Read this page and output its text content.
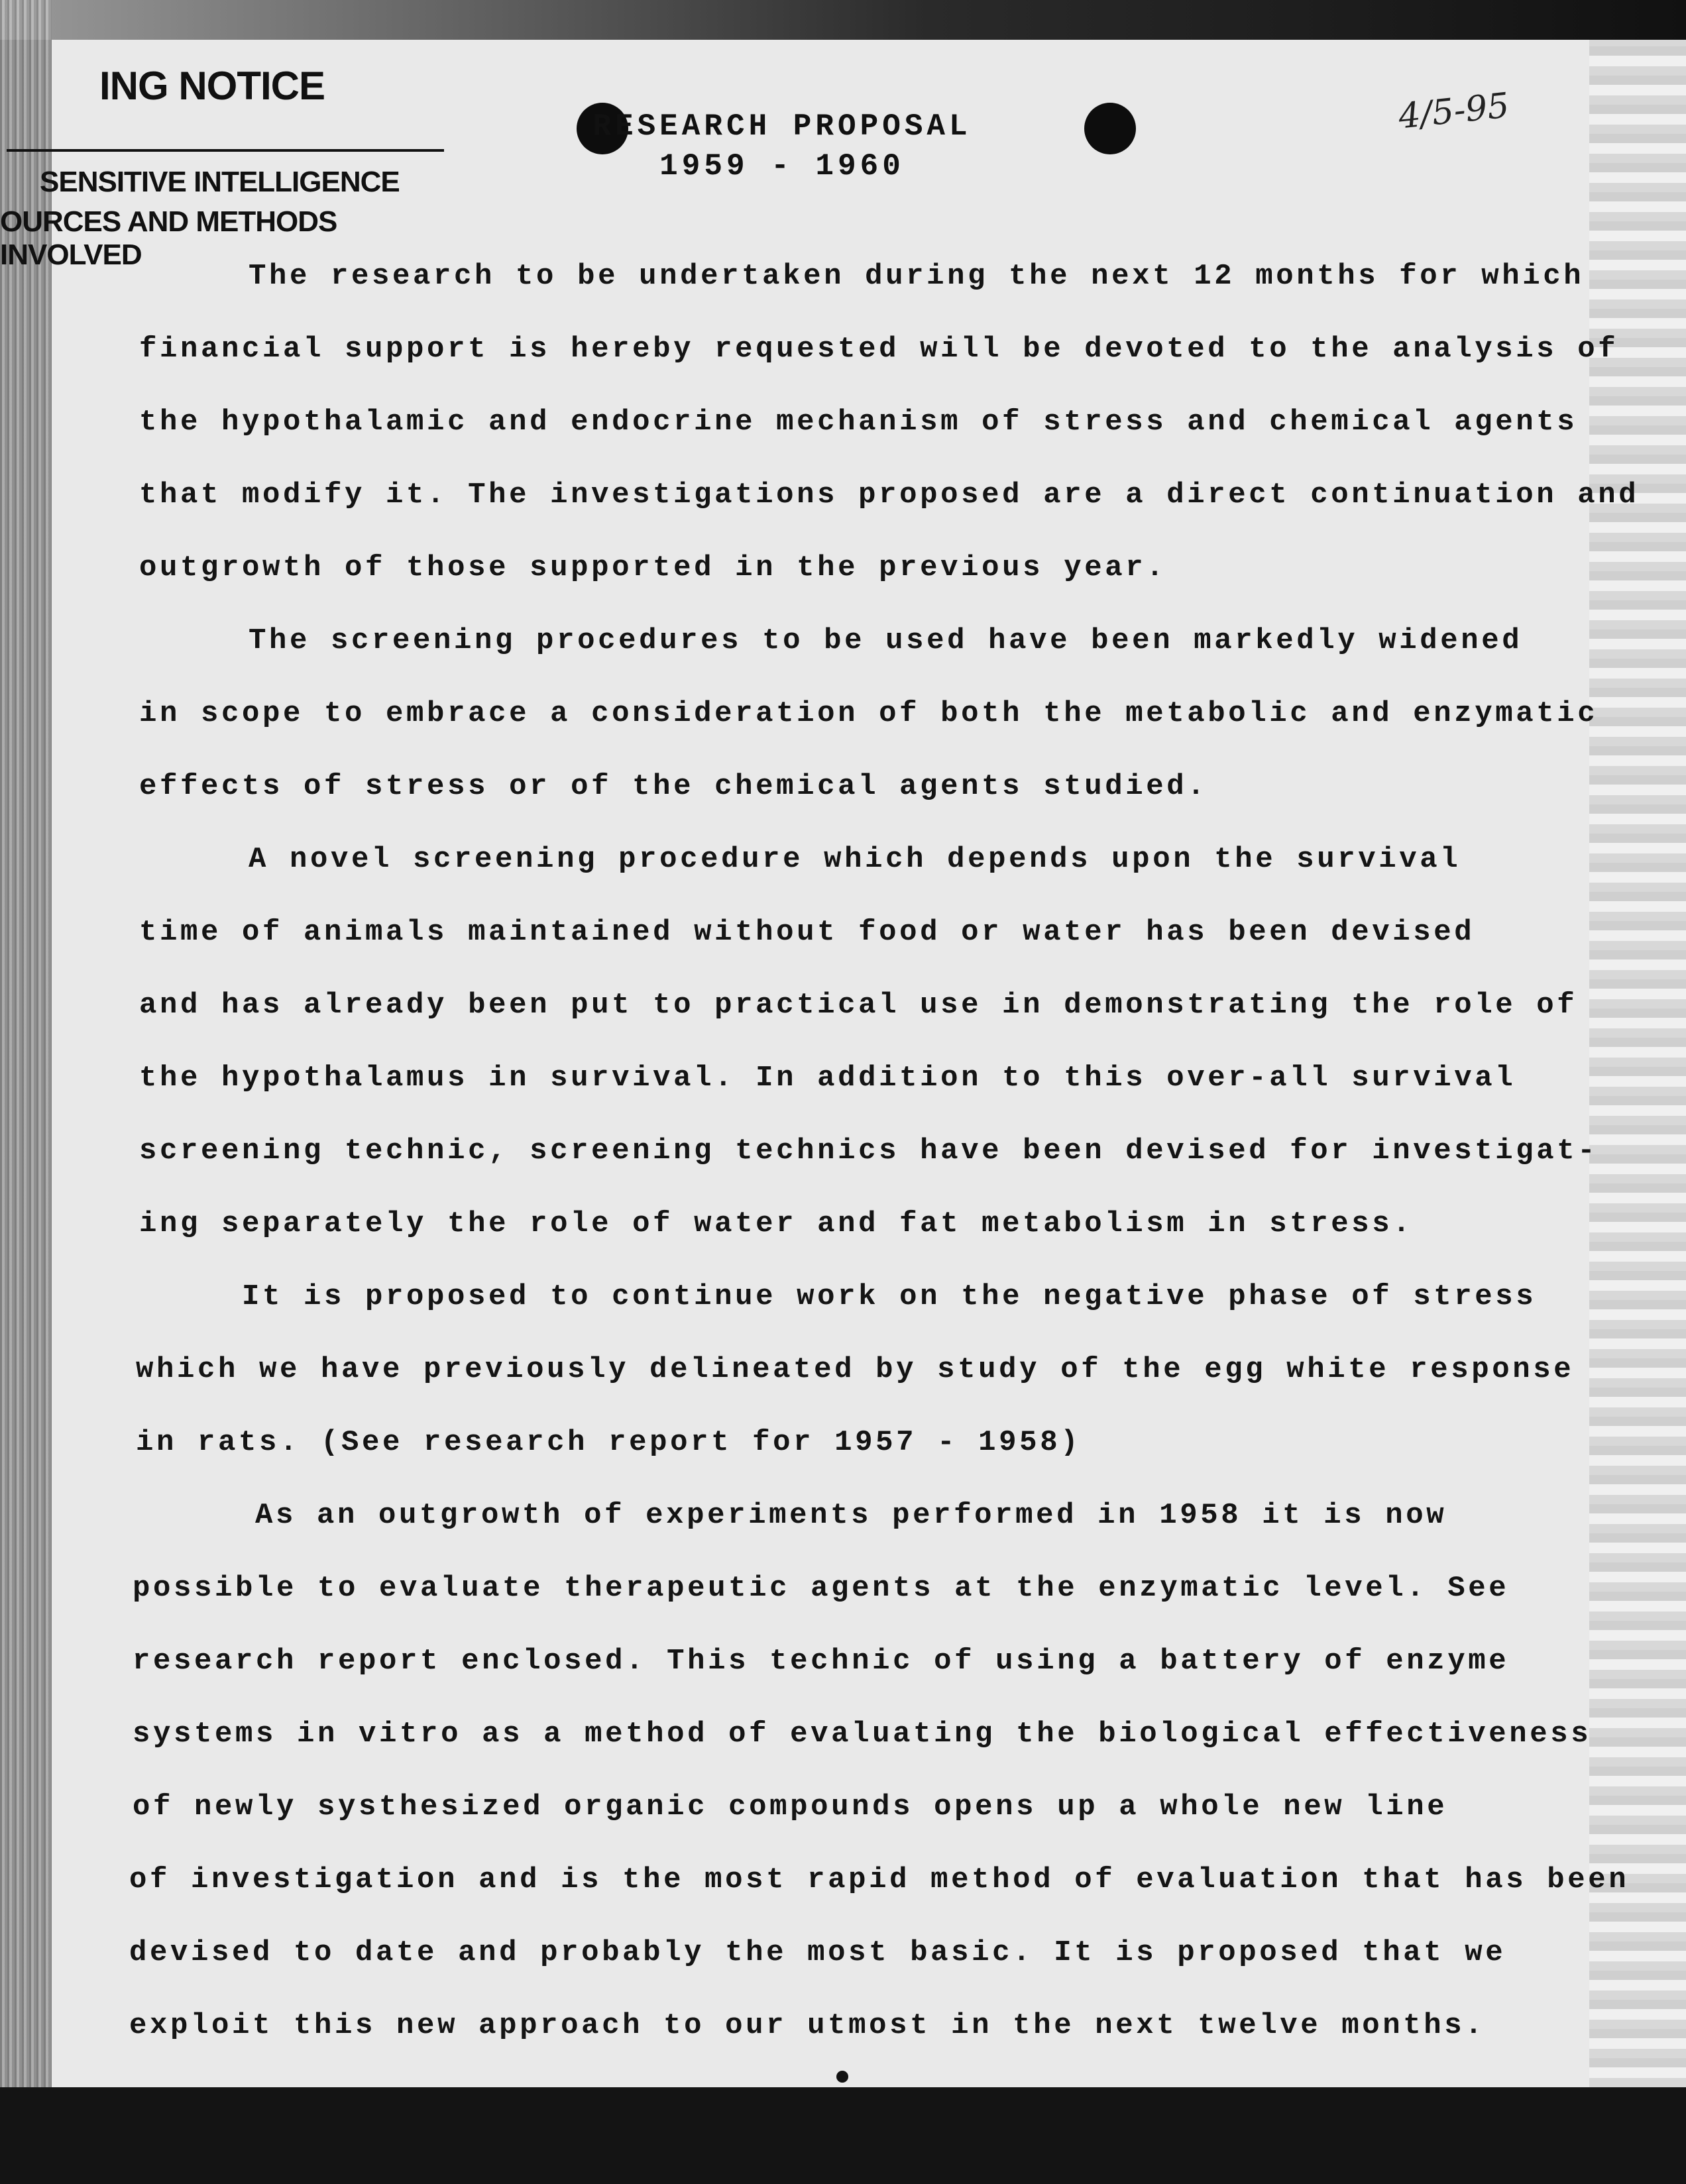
ING NOTICE
SENSITIVE INTELLIGENCE
OURCES AND METHODS INVOLVED
4/5-95
RESEARCH PROPOSAL
1959 - 1960
The research to be undertaken during the next 12 months for which
financial support is hereby requested will be devoted to the analysis of
the hypothalamic and endocrine mechanism of stress and chemical agents
that modify it. The investigations proposed are a direct continuation and
outgrowth of those supported in the previous year.
The screening procedures to be used have been markedly widened
in scope to embrace a consideration of both the metabolic and enzymatic
effects of stress or of the chemical agents studied.
A novel screening procedure which depends upon the survival
time of animals maintained without food or water has been devised
and has already been put to practical use in demonstrating the role of
the hypothalamus in survival. In addition to this over-all survival
screening technic, screening technics have been devised for investigat-
ing separately the role of water and fat metabolism in stress.
It is proposed to continue work on the negative phase of stress
which we have previously delineated by study of the egg white response
in rats. (See research report for 1957 - 1958)
As an outgrowth of experiments performed in 1958 it is now
possible to evaluate therapeutic agents at the enzymatic level. See
research report enclosed. This technic of using a battery of enzyme
systems in vitro as a method of evaluating the biological effectiveness
of newly systhesized organic compounds opens up a whole new line
of investigation and is the most rapid method of evaluation that has been
devised to date and probably the most basic. It is proposed that we
exploit this new approach to our utmost in the next twelve months.
